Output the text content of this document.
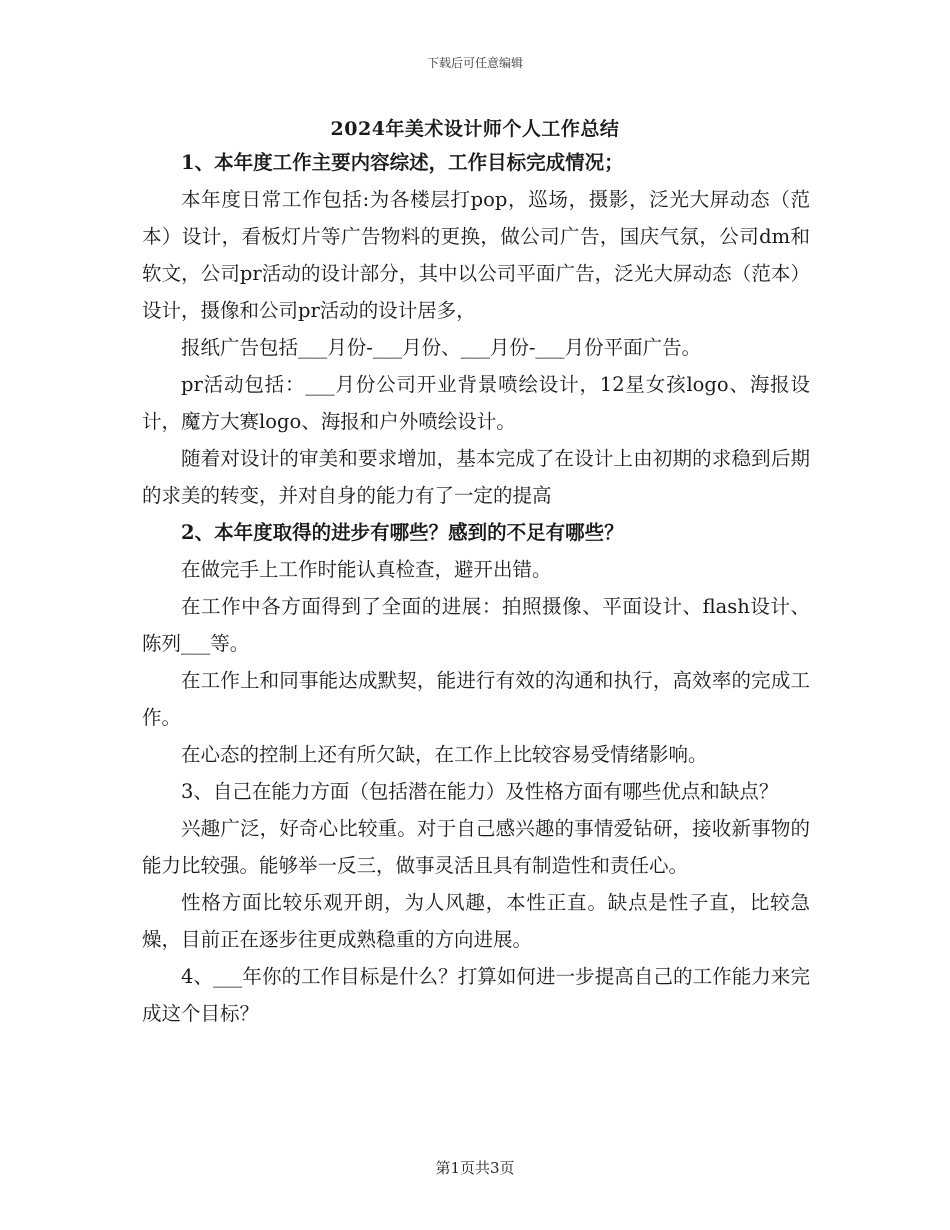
下载后可任意编辑
2024年美术设计师个人工作总结

1、本年度工作主要内容综述，工作目标完成情况；

本年度日常工作包括:为各楼层打pop，巡场，摄影，泛光大屏动态（范本）设计，看板灯片等广告物料的更换，做公司广告，国庆气氛，公司dm和软文，公司pr活动的设计部分，其中以公司平面广告，泛光大屏动态（范本）设计，摄像和公司pr活动的设计居多，

报纸广告包括___月份-___月份、___月份-___月份平面广告。

pr活动包括：___月份公司开业背景喷绘设计，12星女孩logo、海报设计，魔方大赛logo、海报和户外喷绘设计。

随着对设计的审美和要求增加，基本完成了在设计上由初期的求稳到后期的求美的转变，并对自身的能力有了一定的提高

2、本年度取得的进步有哪些？感到的不足有哪些？

在做完手上工作时能认真检查，避开出错。

在工作中各方面得到了全面的进展：拍照摄像、平面设计、flash设计、陈列___等。

在工作上和同事能达成默契，能进行有效的沟通和执行，高效率的完成工作。

在心态的控制上还有所欠缺，在工作上比较容易受情绪影响。

3、自己在能力方面（包括潜在能力）及性格方面有哪些优点和缺点？

兴趣广泛，好奇心比较重。对于自己感兴趣的事情爱钻研，接收新事物的能力比较强。能够举一反三，做事灵活且具有制造性和责任心。

性格方面比较乐观开朗，为人风趣，本性正直。缺点是性子直，比较急燥，目前正在逐步往更成熟稳重的方向进展。

4、___年你的工作目标是什么？打算如何进一步提高自己的工作能力来完成这个目标？

第1页共3页
